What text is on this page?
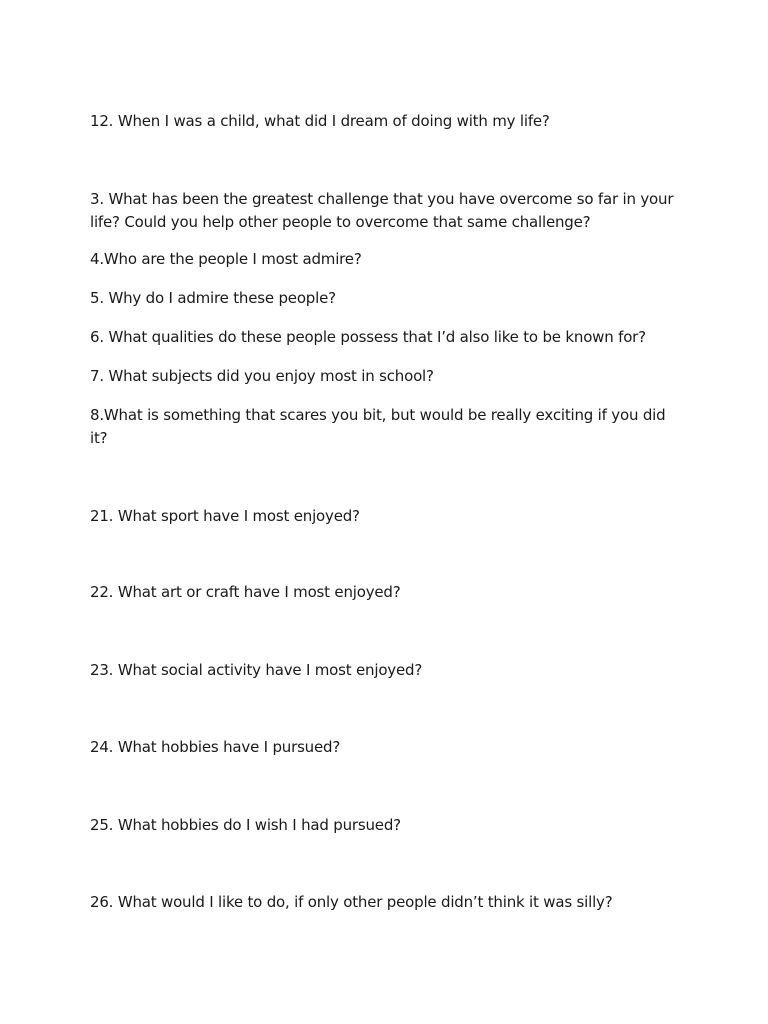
12. When I was a child, what did I dream of doing with my life?

3. What has been the greatest challenge that you have overcome so far in your life? Could you help other people to overcome that same challenge?

4.Who are the people I most admire?

5. Why do I admire these people?

6. What qualities do these people possess that I’d also like to be known for?

7. What subjects did you enjoy most in school?

8.What is something that scares you bit, but would be really exciting if you did it?

21. What sport have I most enjoyed?

22. What art or craft have I most enjoyed?

23. What social activity have I most enjoyed?

24. What hobbies have I pursued?

25. What hobbies do I wish I had pursued?

26. What would I like to do, if only other people didn’t think it was silly?
